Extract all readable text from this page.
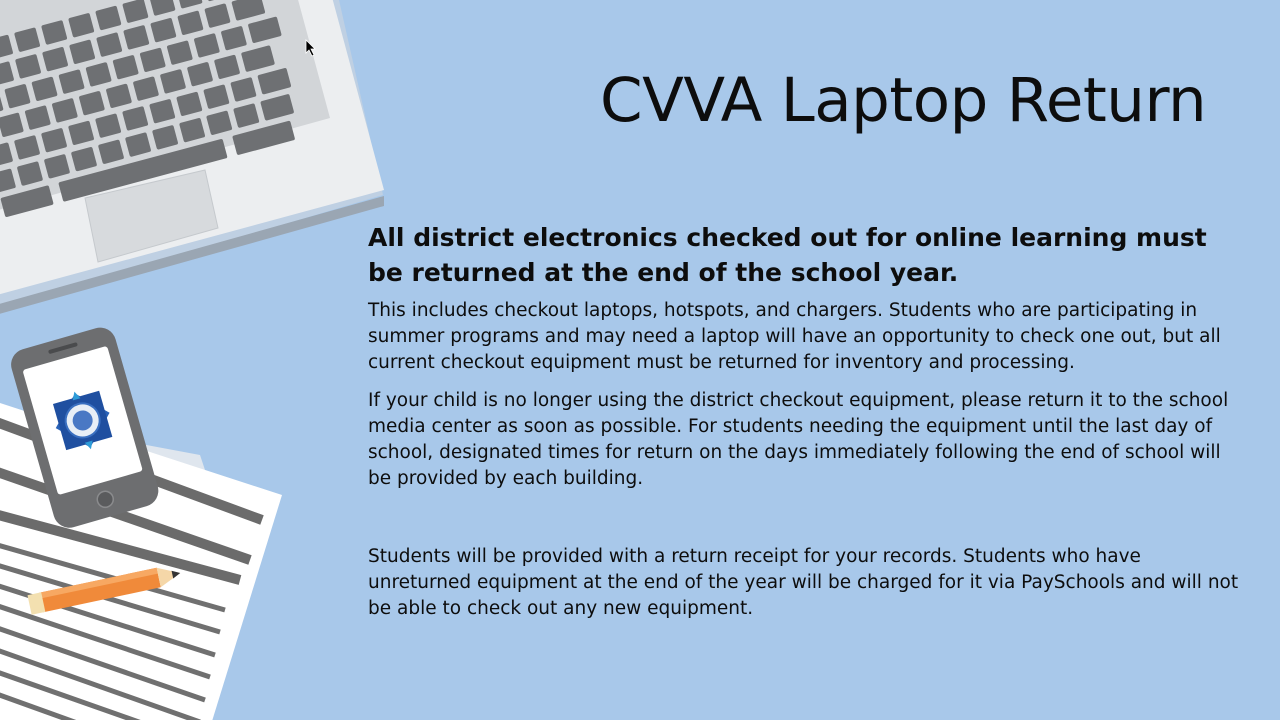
CVVA Laptop Return

All district electronics checked out for online learning must be returned at the end of the school year.

This includes checkout laptops, hotspots, and chargers. Students who are participating in summer programs and may need a laptop will have an opportunity to check one out, but all current checkout equipment must be returned for inventory and processing.

If your child is no longer using the district checkout equipment, please return it to the school media center as soon as possible. For students needing the equipment until the last day of school, designated times for return on the days immediately following the end of school will be provided by each building.

Students will be provided with a return receipt for your records. Students who have unreturned equipment at the end of the year will be charged for it via PaySchools and will not be able to check out any new equipment.
